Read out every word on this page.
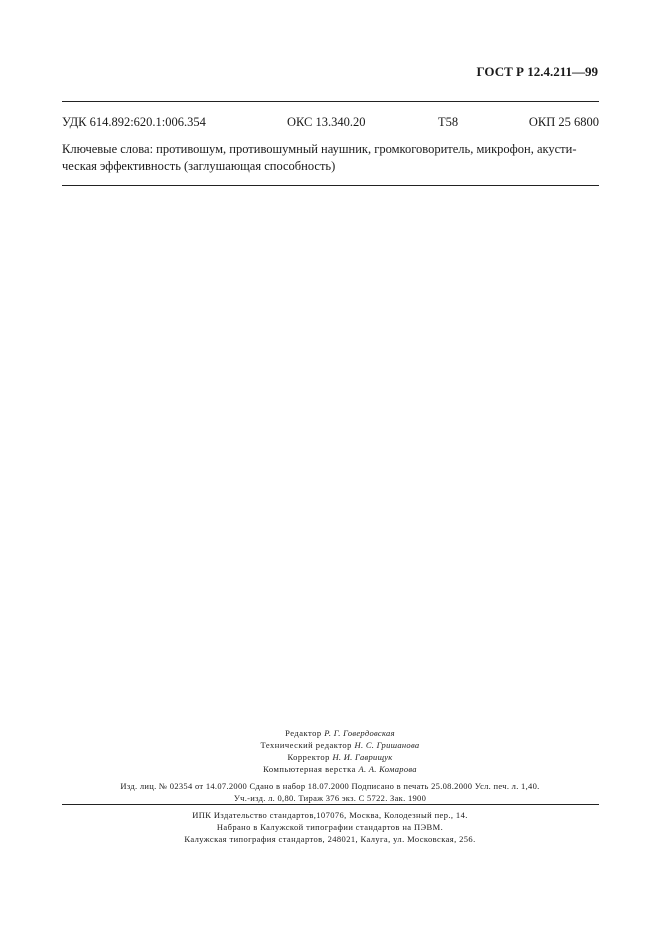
ГОСТ Р 12.4.211—99
УДК 614.892:620.1:006.354	ОКС 13.340.20	Т58	ОКП 25 6800

Ключевые слова: противошум, противошумный наушник, громкоговоритель, микрофон, акусти-

ческая эффективность (заглушающая способность)

Редактор Р. Г. Говердовская
Технический редактор Н. С. Гришанова
Корректор Н. И. Гаврищук
Компьютерная верстка А. А. Комарова
Изд. лиц. № 02354 от 14.07.2000 Сдано в набор 18.07.2000 Подписано в печать 25.08.2000 Усл. печ. л. 1,40.
Уч.-изд. л. 0,80. Тираж 376 экз. С 5722. Зак. 1900
ИПК Издательство стандартов,107076, Москва, Колодезный пер., 14.
Набрано в Калужской типографии стандартов на ПЭВМ.
Калужская типография стандартов, 248021, Калуга, ул. Московская, 256.
